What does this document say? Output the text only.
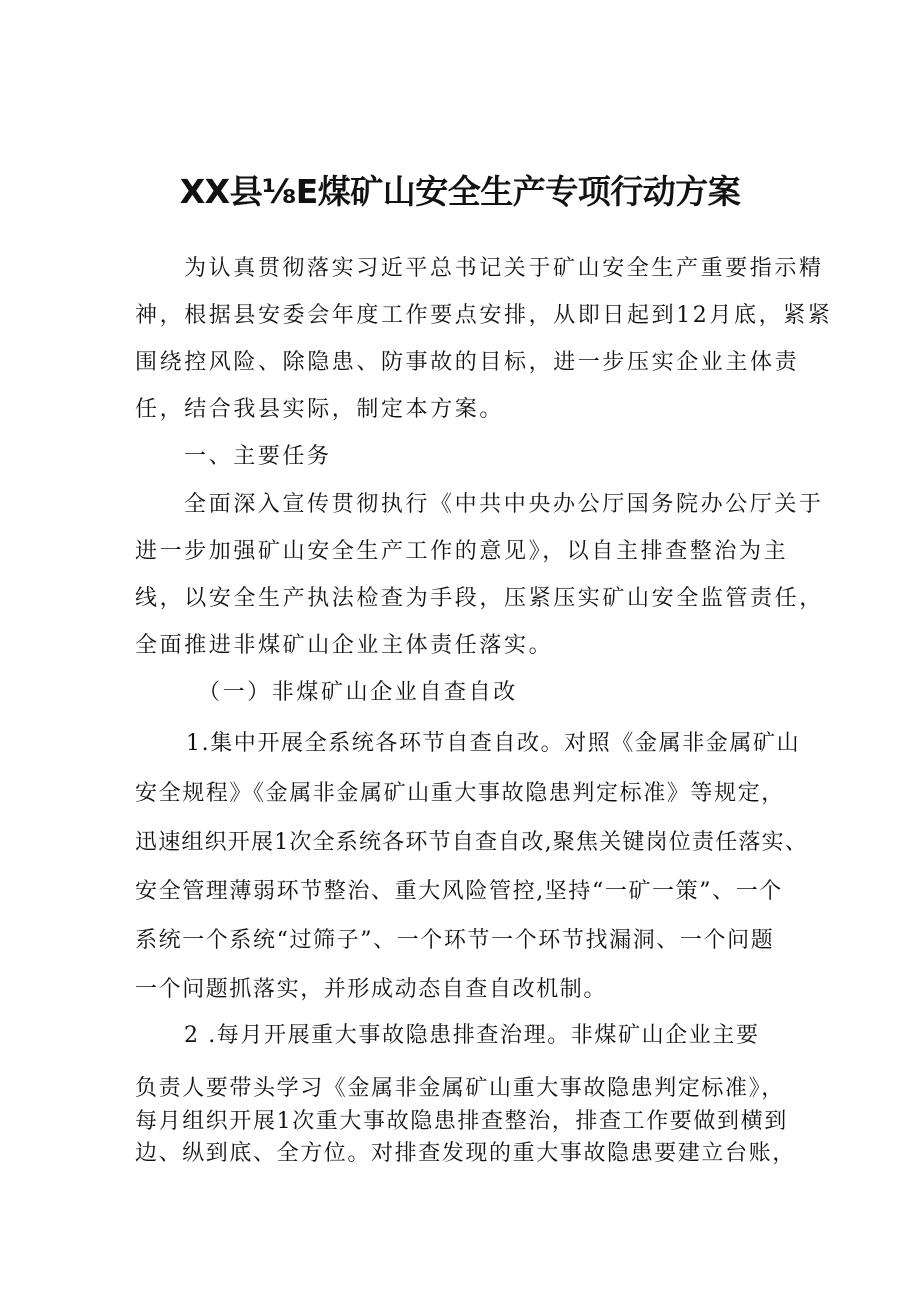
XX县⅛E煤矿山安全生产专项行动方案
为认真贯彻落实习近平总书记关于矿山安全生产重要指示精
神，根据县安委会年度工作要点安排，从即日起到12月底，紧紧
围绕控风险、除隐患、防事故的目标，进一步压实企业主体责
任，结合我县实际，制定本方案。
一、主要任务
全面深入宣传贯彻执行《中共中央办公厅国务院办公厅关于
进一步加强矿山安全生产工作的意见》，以自主排查整治为主
线，以安全生产执法检查为手段，压紧压实矿山安全监管责任，
全面推进非煤矿山企业主体责任落实。
（一）非煤矿山企业自查自改
1.集中开展全系统各环节自查自改。对照《金属非金属矿山
安全规程》《金属非金属矿山重大事故隐患判定标准》等规定，
迅速组织开展1次全系统各环节自查自改,聚焦关键岗位责任落实、
安全管理薄弱环节整治、重大风险管控,坚持“一矿一策”、一个
系统一个系统“过筛子”、一个环节一个环节找漏洞、一个问题
一个问题抓落实，并形成动态自查自改机制。
2 .每月开展重大事故隐患排查治理。非煤矿山企业主要
负责人要带头学习《金属非金属矿山重大事故隐患判定标准》，
每月组织开展1次重大事故隐患排查整治，排查工作要做到横到
边、纵到底、全方位。对排查发现的重大事故隐患要建立台账，
